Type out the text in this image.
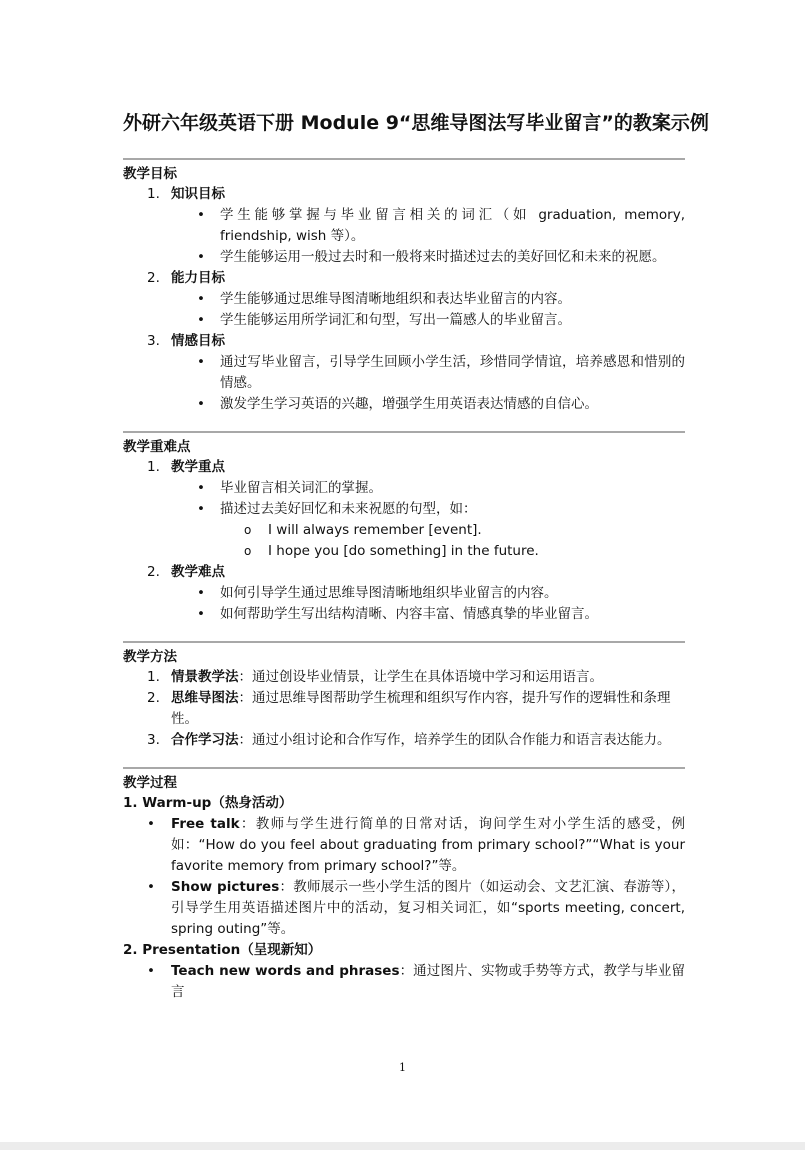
外研六年级英语下册 Module 9“思维导图法写毕业留言”的教案示例
教学目标
1. 知识目标
• 学生能够掌握与毕业留言相关的词汇（如 graduation, memory, friendship, wish 等）。
• 学生能够运用一般过去时和一般将来时描述过去的美好回忆和未来的祝愿。
2. 能力目标
• 学生能够通过思维导图清晰地组织和表达毕业留言的内容。
• 学生能够运用所学词汇和句型，写出一篇感人的毕业留言。
3. 情感目标
• 通过写毕业留言，引导学生回顾小学生活，珍惜同学情谊，培养感恩和惜别的情感。
• 激发学生学习英语的兴趣，增强学生用英语表达情感的自信心。
教学重难点
1. 教学重点
• 毕业留言相关词汇的掌握。
• 描述过去美好回忆和未来祝愿的句型，如：
o I will always remember [event].
o I hope you [do something] in the future.
2. 教学难点
• 如何引导学生通过思维导图清晰地组织毕业留言的内容。
• 如何帮助学生写出结构清晰、内容丰富、情感真挚的毕业留言。
教学方法
1. 情景教学法：通过创设毕业情景，让学生在具体语境中学习和运用语言。
2. 思维导图法：通过思维导图帮助学生梳理和组织写作内容，提升写作的逻辑性和条理性。
3. 合作学习法：通过小组讨论和合作写作，培养学生的团队合作能力和语言表达能力。
教学过程
1. Warm-up（热身活动）
• Free talk：教师与学生进行简单的日常对话，询问学生对小学生活的感受，例如：“How do you feel about graduating from primary school?”“What is your favorite memory from primary school?”等。
• Show pictures：教师展示一些小学生活的图片（如运动会、文艺汇演、春游等），引导学生用英语描述图片中的活动，复习相关词汇，如“sports meeting, concert, spring outing”等。
2. Presentation（呈现新知）
• Teach new words and phrases：通过图片、实物或手势等方式，教学与毕业留言
1
